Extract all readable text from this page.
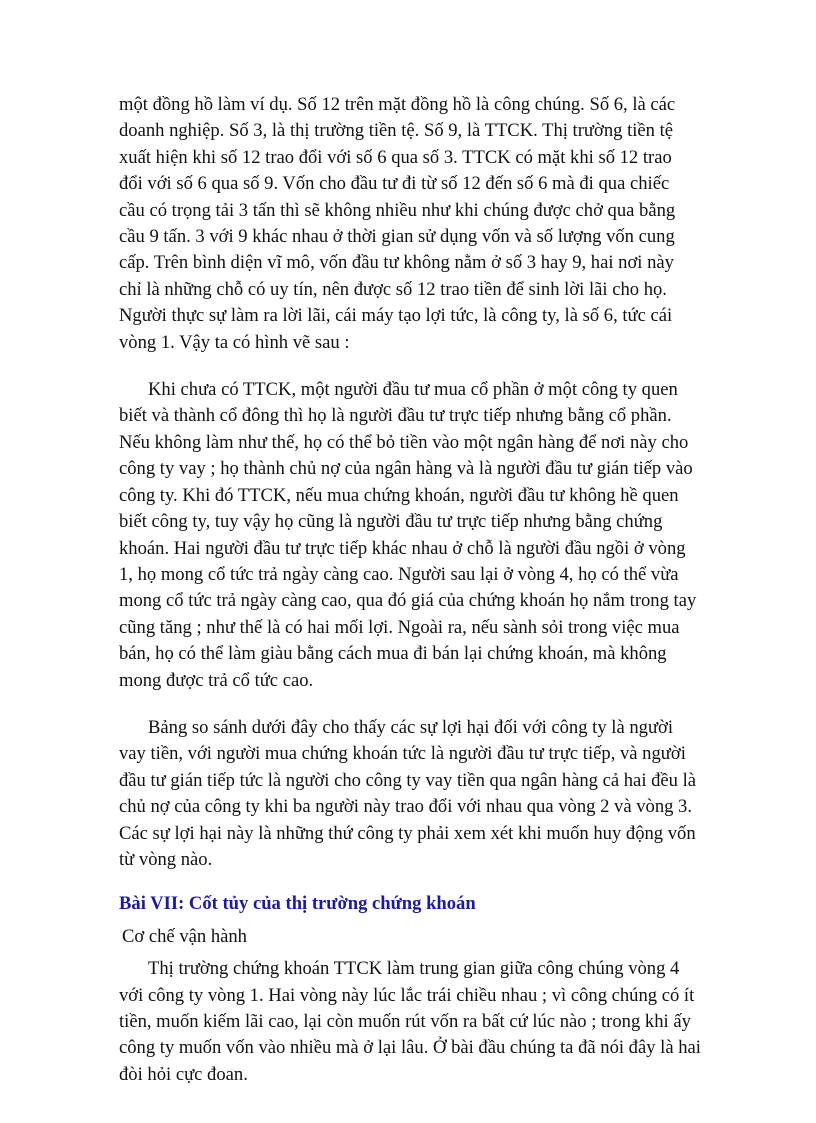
một đồng hồ làm ví dụ. Số 12 trên mặt đồng hồ là công chúng. Số 6, là các
doanh nghiệp. Số 3, là thị trường tiền tệ. Số 9, là TTCK. Thị trường tiền tệ
xuất hiện khi số 12 trao đổi với số 6 qua số 3. TTCK có mặt khi số 12 trao
đổi với số 6 qua số 9. Vốn cho đầu tư đi từ số 12 đến số 6 mà đi qua chiếc
cầu có trọng tải 3 tấn thì sẽ không nhiều như khi chúng được chở qua bằng
cầu 9 tấn. 3 với 9 khác nhau ở thời gian sử dụng vốn và số lượng vốn cung
cấp. Trên bình diện vĩ mô, vốn đầu tư không nằm ở số 3 hay 9, hai nơi này
chỉ là những chỗ có uy tín, nên được số 12 trao tiền để sinh lời lãi cho họ.
Người thực sự làm ra lời lãi, cái máy tạo lợi tức, là công ty, là số 6, tức cái
vòng 1. Vậy ta có hình vẽ sau :

Khi chưa có TTCK, một người đầu tư mua cổ phần ở một công ty quen
biết và thành cổ đông thì họ là người đầu tư trực tiếp nhưng bằng cổ phần.
Nếu không làm như thế, họ có thể bỏ tiền vào một ngân hàng để nơi này cho
công ty vay ; họ thành chủ nợ của ngân hàng và là người đầu tư gián tiếp vào
công ty. Khi đó TTCK, nếu mua chứng khoán, người đầu tư không hề quen
biết công ty, tuy vậy họ cũng là người đầu tư trực tiếp nhưng bằng chứng
khoán. Hai người đầu tư trực tiếp khác nhau ở chỗ là người đầu ngồi ở vòng
1, họ mong cổ tức trả ngày càng cao. Người sau lại ở vòng 4, họ có thể vừa
mong cổ tức trả ngày càng cao, qua đó giá của chứng khoán họ nắm trong tay
cũng tăng ; như thế là có hai mối lợi. Ngoài ra, nếu sành sỏi trong việc mua
bán, họ có thể làm giàu bằng cách mua đi bán lại chứng khoán, mà không
mong được trả cổ tức cao.

Bảng so sánh dưới đây cho thấy các sự lợi hại đối với công ty là người
vay tiền, với người mua chứng khoán tức là người đầu tư trực tiếp, và người
đầu tư gián tiếp tức là người cho công ty vay tiền qua ngân hàng cả hai đều là
chủ nợ của công ty khi ba người này trao đổi với nhau qua vòng 2 và vòng 3.
Các sự lợi hại này là những thứ công ty phải xem xét khi muốn huy động vốn
từ vòng nào.

Bài VII: Cốt tủy của thị trường chứng khoán
Cơ chế vận hành

Thị trường chứng khoán TTCK làm trung gian giữa công chúng vòng 4
với công ty vòng 1. Hai vòng này lúc lắc trái chiều nhau ; vì công chúng có ít
tiền, muốn kiếm lãi cao, lại còn muốn rút vốn ra bất cứ lúc nào ; trong khi ấy
công ty muốn vốn vào nhiều mà ở lại lâu. Ở bài đầu chúng ta đã nói đây là hai
đòi hỏi cực đoan.
